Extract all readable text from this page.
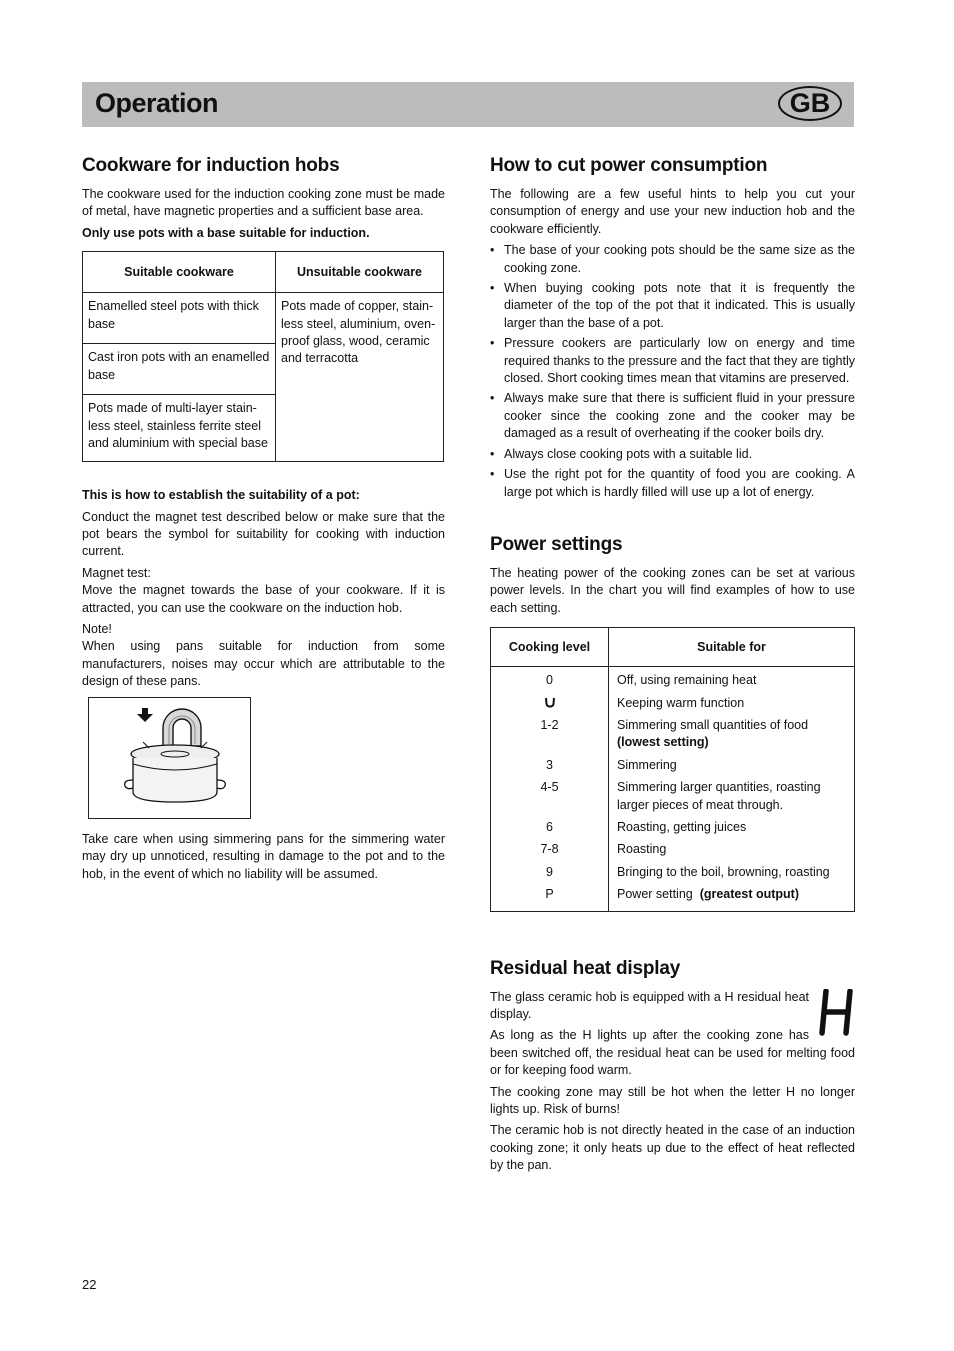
Operation	GB
Cookware for induction hobs

The cookware used for the induction cooking zone must be made of metal, have magnetic properties and a sufficient base area.

Only use pots with a base suitable for induction.

Suitable cookware	Unsuitable cookware
Enamelled steel pots with thick base	Pots made of copper, stain-less steel, aluminium, oven-proof glass, wood, ceramic and terracotta
Cast iron pots with an enamelled base	
Pots made of multi-layer stain-less steel, stainless ferrite steel and aluminium with special base	

This is how to establish the suitability of a pot:

Conduct the magnet test described below or make sure that the pot bears the symbol for suitability for cooking with induction current.

Magnet test:

Move the magnet towards the base of your cookware. If it is attracted, you can use the cookware on the induction hob.

Note!

When using pans suitable for induction from some manufacturers, noises may occur which are attributable to the design of these pans.

Take care when using simmering pans for the simmering water may dry up unnoticed, resulting in damage to the pot and to the hob, in the event of which no liability will be assumed.

How to cut power consumption

The following are a few useful hints to help you cut your consumption of energy and use your new induction hob and the cookware efficiently.

• The base of your cooking pots should be the same size as the cooking zone.
• When buying cooking pots note that it is frequently the diameter of the top of the pot that it indicated. This is usually larger than the base of a pot.
• Pressure cookers are particularly low on energy and time required thanks to the pressure and the fact that they are tightly closed. Short cooking times mean that vitamins are preserved.
• Always make sure that there is sufficient fluid in your pressure cooker since the cooking zone and the cooker may be damaged as a result of overheating if the cooker boils dry.
• Always close cooking pots with a suitable lid.
• Use the right pot for the quantity of food you are cooking. A large pot which is hardly filled will use up a lot of energy.
Power settings

The heating power of the cooking zones can be set at various power levels. In the chart you will find examples of how to use each setting.

Cooking level	Suitable for
0	Off, using remaining heat
	Keeping warm function
1-2	Simmering small quantities of food
(lowest setting)
3	Simmering
4-5	Simmering larger quantities, roasting larger pieces of meat through.
6	Roasting, getting juices
7-8	Roasting
9	Bringing to the boil, browning, roasting
P	Power setting (greatest output)
Residual heat display

The glass ceramic hob is equipped with a H residual heat display.

As long as the H lights up after the cooking zone has been switched off, the residual heat can be used for melting food or for keeping food warm.

The cooking zone may still be hot when the letter H no longer lights up. Risk of burns!

The ceramic hob is not directly heated in the case of an induction cooking zone; it only heats up due to the effect of heat reflected by the pan.

22
